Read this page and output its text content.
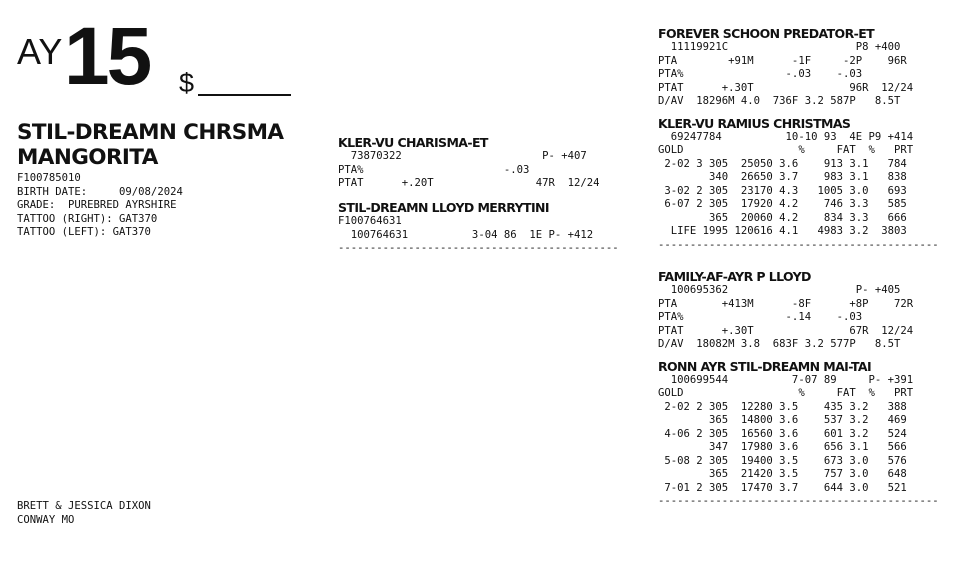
AY 15 $
STIL-DREAMN CHRSMA MANGORITA
F100785010
BIRTH DATE:     09/08/2024
GRADE:  PUREBRED AYRSHIRE
TATTOO (RIGHT): GAT370
TATTOO (LEFT): GAT370
KLER-VU CHARISMA-ET
73870322                      P- +407
PTA%                      -.03
PTAT      +.20T                47R  12/24
STIL-DREAMN LLOYD MERRYTINI
F100764631
100764631          3-04 86  1E P- +412
--------------------------------------------
FOREVER SCHOON PREDATOR-ET
11119921C                    P8 +400
PTA        +91M      -1F     -2P    96R
PTA%                -.03    -.03
PTAT      +.30T               96R  12/24
D/AV  18296M 4.0  736F 3.2 587P   8.5T
KLER-VU RAMIUS CHRISTMAS
69247784          10-10 93  4E P9 +414
GOLD                  %     FAT  %   PRT
2-02 3 305  25050 3.6    913 3.1   784
340  26650 3.7    983 3.1   838
3-02 2 305  23170 4.3   1005 3.0   693
6-07 2 305  17920 4.2    746 3.3   585
365  20060 4.2    834 3.3   666
LIFE 1995 120616 4.1   4983 3.2  3803
--------------------------------------------
FAMILY-AF-AYR P LLOYD
100695362                    P- +405
PTA       +413M      -8F      +8P    72R
PTA%                -.14    -.03
PTAT      +.30T               67R  12/24
D/AV  18082M 3.8  683F 3.2 577P   8.5T
RONN AYR STIL-DREAMN MAI-TAI
100699544          7-07 89     P- +391
GOLD                  %     FAT  %   PRT
2-02 2 305  12280 3.5    435 3.2   388
365  14800 3.6    537 3.2   469
4-06 2 305  16560 3.6    601 3.2   524
347  17980 3.6    656 3.1   566
5-08 2 305  19400 3.5    673 3.0   576
365  21420 3.5    757 3.0   648
7-01 2 305  17470 3.7    644 3.0   521
--------------------------------------------
BRETT & JESSICA DIXON
CONWAY MO
